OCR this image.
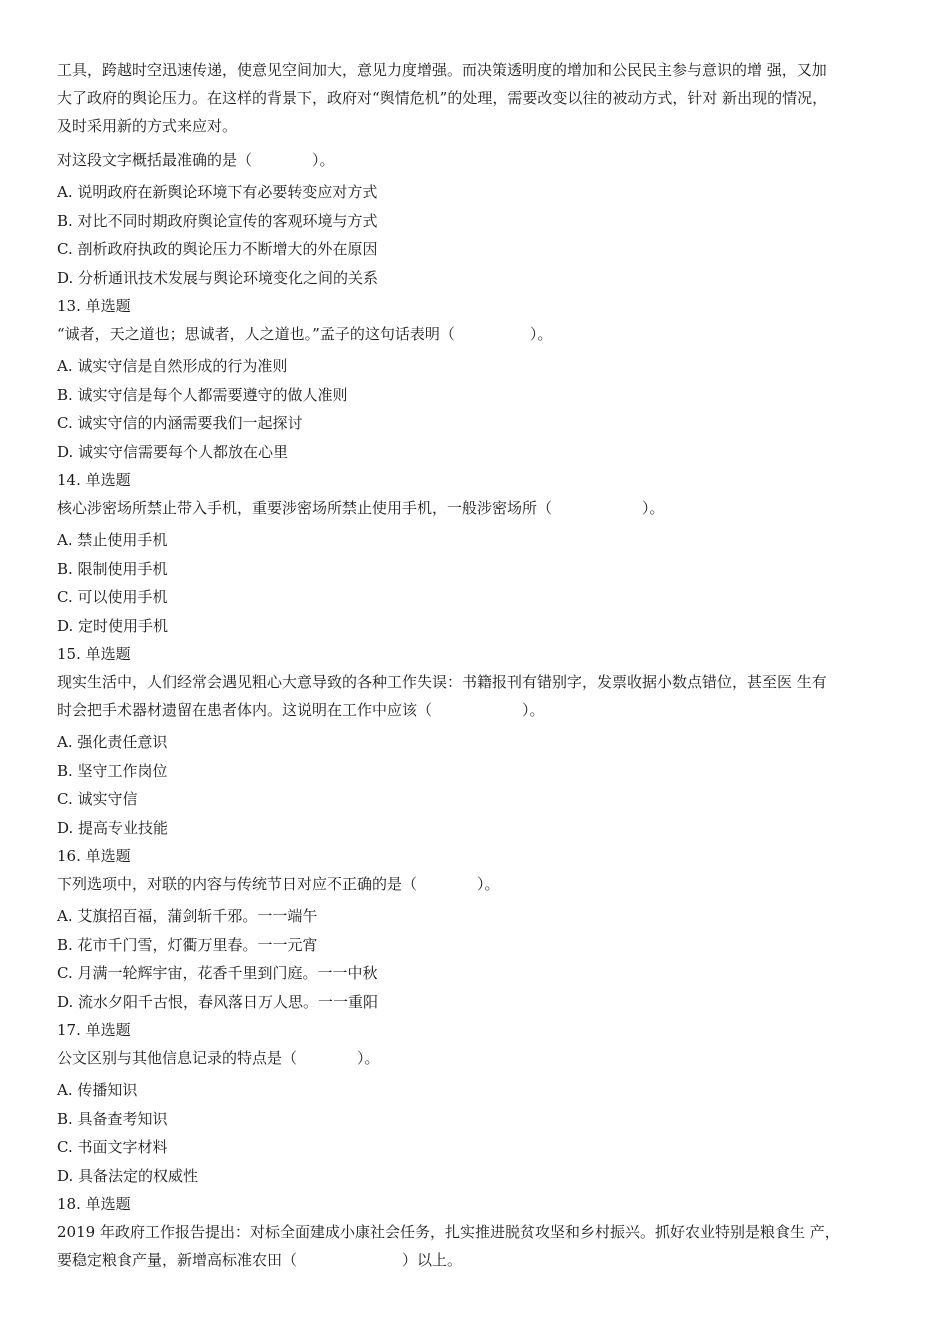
工具，跨越时空迅速传递，使意见空间加大，意见力度增强。而决策透明度的增加和公民民主参与意识的增 强，又加

大了政府的舆论压力。在这样的背景下，政府对“舆情危机”的处理，需要改变以往的被动方式，针对 新出现的情况，

及时采用新的方式来应对。

对这段文字概括最准确的是（　　　　）。

A. 说明政府在新舆论环境下有必要转变应对方式
B. 对比不同时期政府舆论宣传的客观环境与方式
C. 剖析政府执政的舆论压力不断增大的外在原因
D. 分析通讯技术发展与舆论环境变化之间的关系

13. 单选题

“诚者，天之道也；思诚者，人之道也。”孟子的这句话表明（　　　　　）。

A. 诚实守信是自然形成的行为准则
B. 诚实守信是每个人都需要遵守的做人准则
C. 诚实守信的内涵需要我们一起探讨
D. 诚实守信需要每个人都放在心里

14. 单选题

核心涉密场所禁止带入手机，重要涉密场所禁止使用手机，一般涉密场所（　　　　　　）。

A. 禁止使用手机
B. 限制使用手机
C. 可以使用手机
D. 定时使用手机

15. 单选题

现实生活中，人们经常会遇见粗心大意导致的各种工作失误：书籍报刊有错别字，发票收据小数点错位，甚至医 生有

时会把手术器材遗留在患者体内。这说明在工作中应该（　　　　　　）。

A. 强化责任意识
B. 坚守工作岗位
C. 诚实守信
D. 提高专业技能

16. 单选题

下列选项中，对联的内容与传统节日对应不正确的是（　　　　）。

A. 艾旗招百福，蒲剑斩千邪。一一端午
B. 花市千门雪，灯衢万里春。一一元宵
C. 月满一轮辉宇宙，花香千里到门庭。一一中秋
D. 流水夕阳千古恨，春风落日万人思。一一重阳

17. 单选题

公文区别与其他信息记录的特点是（　　　　）。

A. 传播知识
B. 具备查考知识
C. 书面文字材料
D. 具备法定的权威性

18. 单选题

2019 年政府工作报告提出：对标全面建成小康社会任务，扎实推进脱贫攻坚和乡村振兴。抓好农业特别是粮食生 产，

要稳定粮食产量，新增高标准农田（　　　　　　　）以上。
